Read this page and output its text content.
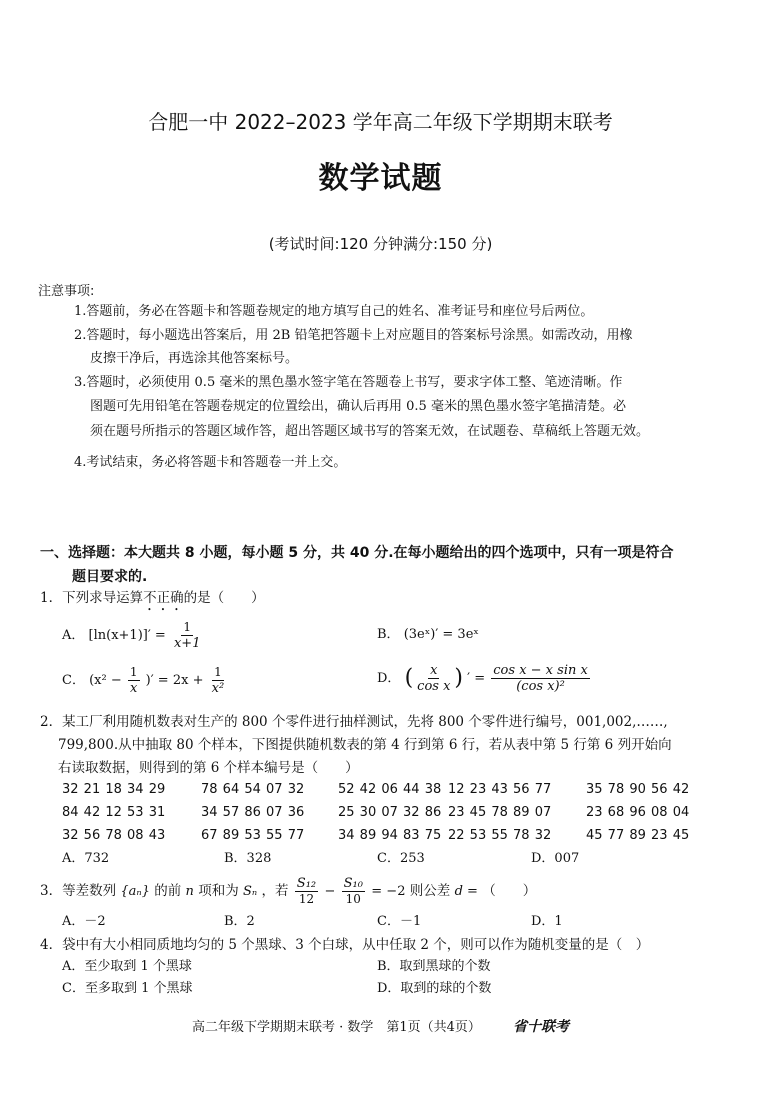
合肥一中 2022–2023 学年高二年级下学期期末联考
数学试题
(考试时间:120 分钟满分:150 分)
注意事项:
1.答题前，务必在答题卡和答题卷规定的地方填写自己的姓名、准考证号和座位号后两位。
2.答题时，每小题选出答案后，用 2B 铅笔把答题卡上对应题目的答案标号涂黑。如需改动，用橡
皮擦干净后，再选涂其他答案标号。
3.答题时，必须使用 0.5 毫米的黑色墨水签字笔在答题卷上书写，要求字体工整、笔迹清晰。作
图题可先用铅笔在答题卷规定的位置绘出，确认后再用 0.5 毫米的黑色墨水签字笔描清楚。必
须在题号所指示的答题区域作答，超出答题区域书写的答案无效，在试题卷、草稿纸上答题无效。
4.考试结束，务必将答题卡和答题卷一并上交。
一、选择题：本大题共 8 小题，每小题 5 分，共 40 分.在每小题给出的四个选项中，只有一项是符合
题目要求的.
1．下列求导运算不正确的是（　　）
A． $[\ln(x+1)]' = \frac{1}{x+1}$	B． (3eˣ)′ = 3eˣ
C． ($x^2 - \frac{1}{x}$ )′ = $2x + \frac{1}{\text{x²}}$	D． ( $\frac{x}{\text{cos x}}$ ) ′ = $\frac{\text{cos x − x sin x}}{\text{(cos x)²}}$
2．某工厂利用随机数表对生产的 800 个零件进行抽样测试，先将 800 个零件进行编号，001,002,……,
799,800.从中抽取 80 个样本，下图提供随机数表的第 4 行到第 6 行，若从表中第 5 行第 6 列开始向
右读取数据，则得到的第 6 个样本编号是（　　）
32 21 18 34 29	78 64 54 07 32	52 42 06 44 38 12 23 43 56 77	35 78 90 56 42
84 42 12 53 31	34 57 86 07 36	25 30 07 32 86 23 45 78 89 07	23 68 96 08 04
32 56 78 08 43	67 89 53 55 77	34 89 94 83 75 22 53 55 78 32	45 77 89 23 45
A．732	B．328	C．253	D．007
3．等差数列 {aₙ} 的前 n 项和为 Sₙ ，若 $\frac{\text{S₁₂}}{12} - \frac{\text{S₁₀}}{10} = -2$ 则公差 d = （　　）
A．－2	B．2	C．－1	D．1
4．袋中有大小相同质地均匀的 5 个黑球、3 个白球，从中任取 2 个，则可以作为随机变量的是（　）
A．至少取到 1 个黑球	B．取到黑球的个数
C．至多取到 1 个黑球	D．取到的球的个数
高二年级下学期期末联考 · 数学　第1页（共4页） 省十联考
